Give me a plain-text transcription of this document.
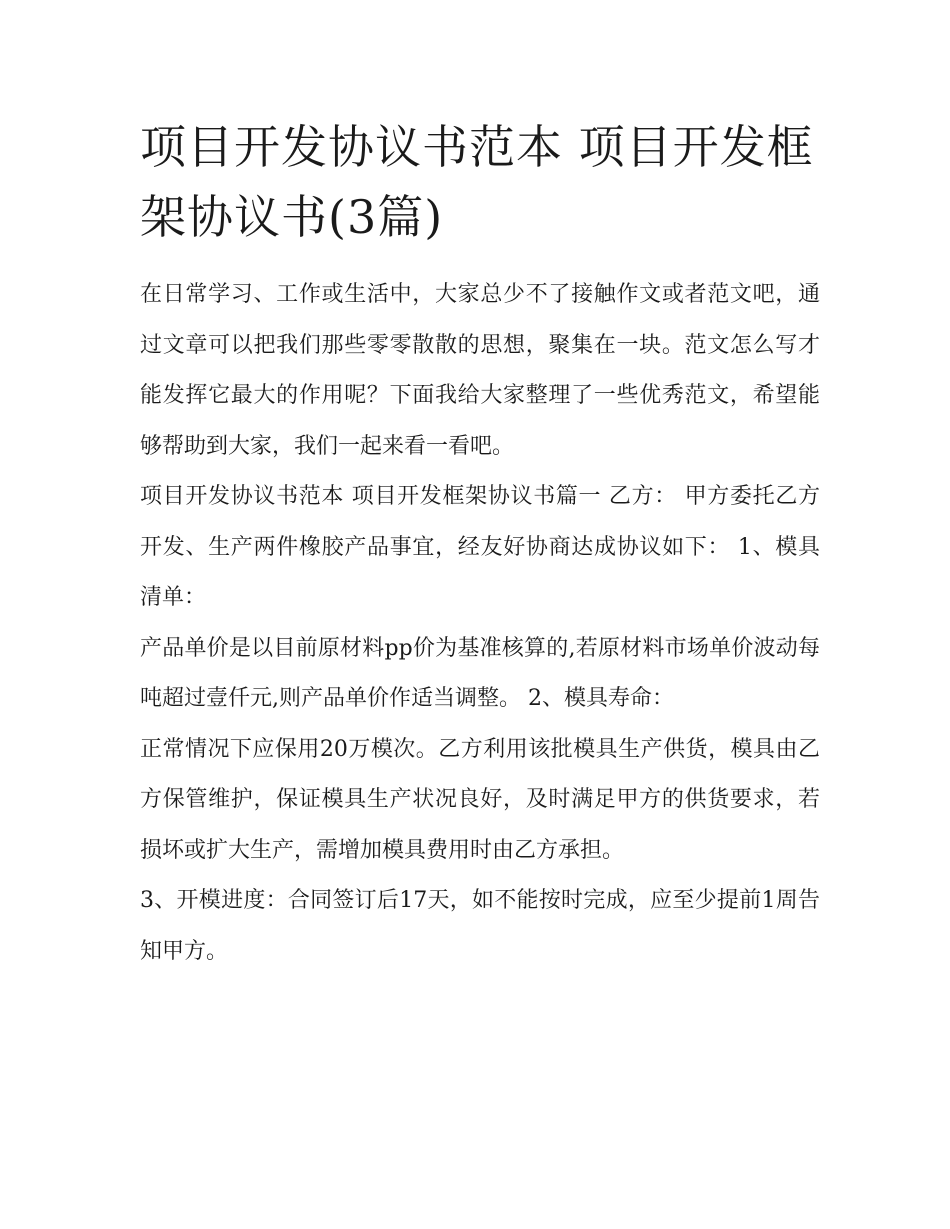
项目开发协议书范本 项目开发框架协议书(3篇)

在日常学习、工作或生活中，大家总少不了接触作文或者范文吧，通过文章可以把我们那些零零散散的思想，聚集在一块。范文怎么写才能发挥它最大的作用呢？下面我给大家整理了一些优秀范文，希望能够帮助到大家，我们一起来看一看吧。

项目开发协议书范本 项目开发框架协议书篇一 乙方： 甲方委托乙方开发、生产两件橡胶产品事宜，经友好协商达成协议如下： 1、模具清单：

产品单价是以目前原材料pp价为基准核算的,若原材料市场单价波动每吨超过壹仟元,则产品单价作适当调整。 2、模具寿命：

正常情况下应保用20万模次。乙方利用该批模具生产供货，模具由乙方保管维护，保证模具生产状况良好，及时满足甲方的供货要求，若损坏或扩大生产，需增加模具费用时由乙方承担。

3、开模进度：合同签订后17天，如不能按时完成，应至少提前1周告知甲方。
